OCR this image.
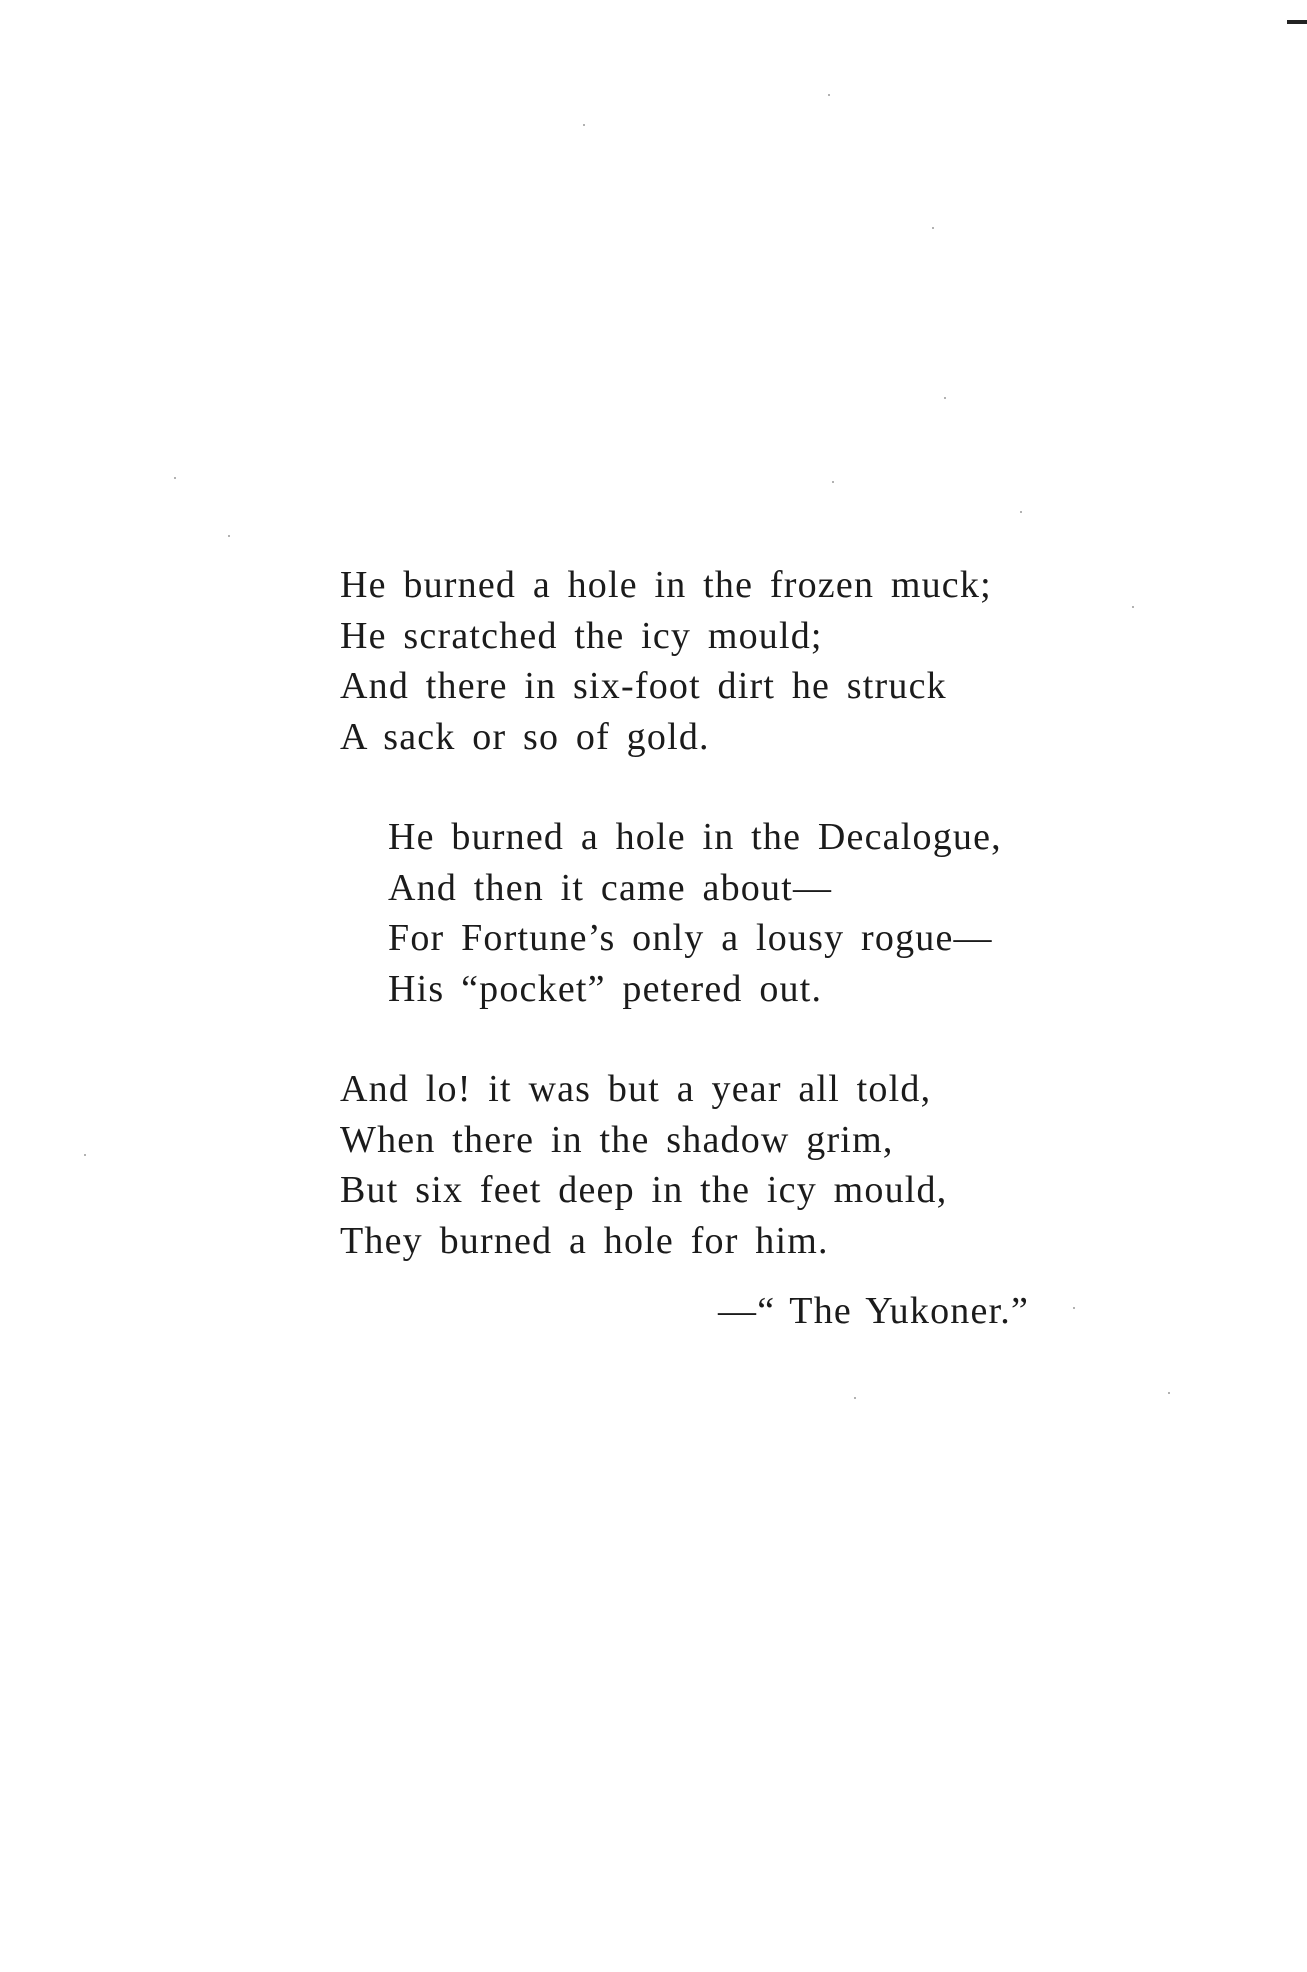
He burned a hole in the frozen muck;
He scratched the icy mould;
And there in six-foot dirt he struck
A sack or so of gold.
He burned a hole in the Decalogue,
And then it came about—
For Fortune’s only a lousy rogue—
His “pocket” petered out.
And lo! it was but a year all told,
When there in the shadow grim,
But six feet deep in the icy mould,
They burned a hole for him.
—“ The Yukoner.”
